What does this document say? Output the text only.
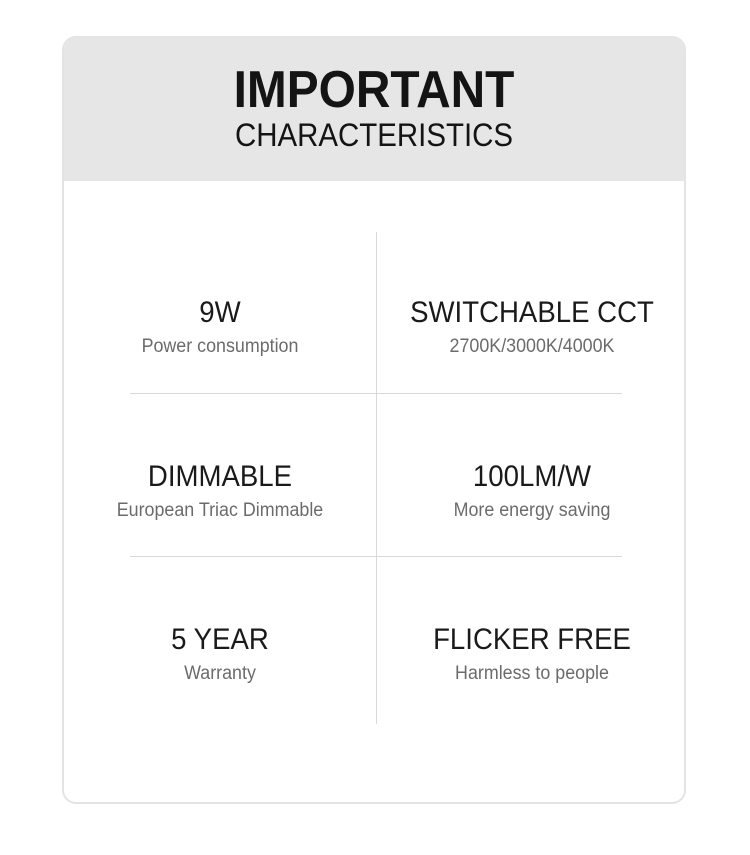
IMPORTANT
CHARACTERISTICS
9W
Power consumption
SWITCHABLE CCT
2700K/3000K/4000K
DIMMABLE
European Triac Dimmable
100LM/W
More energy saving
5 YEAR
Warranty
FLICKER FREE
Harmless to people
